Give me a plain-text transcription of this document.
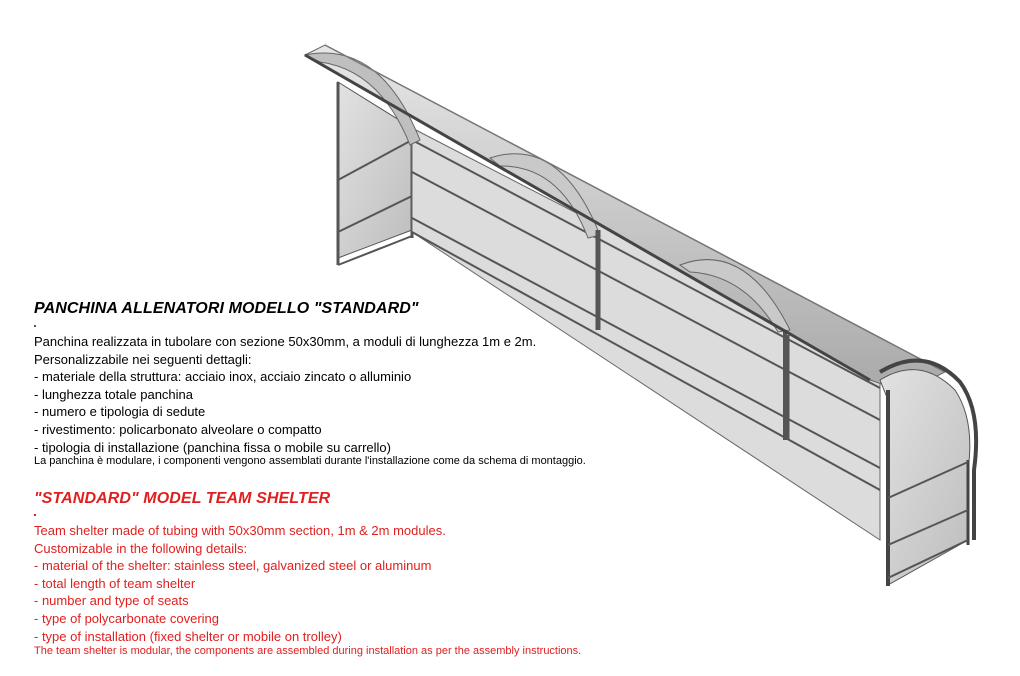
PANCHINA ALLENATORI MODELLO "STANDARD"
Panchina realizzata in tubolare con sezione 50x30mm, a moduli di lunghezza 1m e 2m.
Personalizzabile nei seguenti dettagli:
- materiale della struttura: acciaio inox, acciaio zincato o alluminio
- lunghezza totale panchina
- numero e tipologia di sedute
- rivestimento: policarbonato alveolare o compatto
- tipologia di installazione (panchina fissa o mobile su carrello)
La panchina è modulare, i componenti vengono assemblati durante l'installazione come da schema di montaggio.
"STANDARD" MODEL TEAM SHELTER
Team shelter made of tubing with 50x30mm section, 1m & 2m modules.
Customizable in the following details:
- material of the shelter: stainless steel, galvanized steel or aluminum
- total length of team shelter
- number and type of seats
- type of polycarbonate covering
- type of installation (fixed shelter or mobile on trolley)
The team shelter is modular, the components are assembled during installation as per the assembly instructions.
